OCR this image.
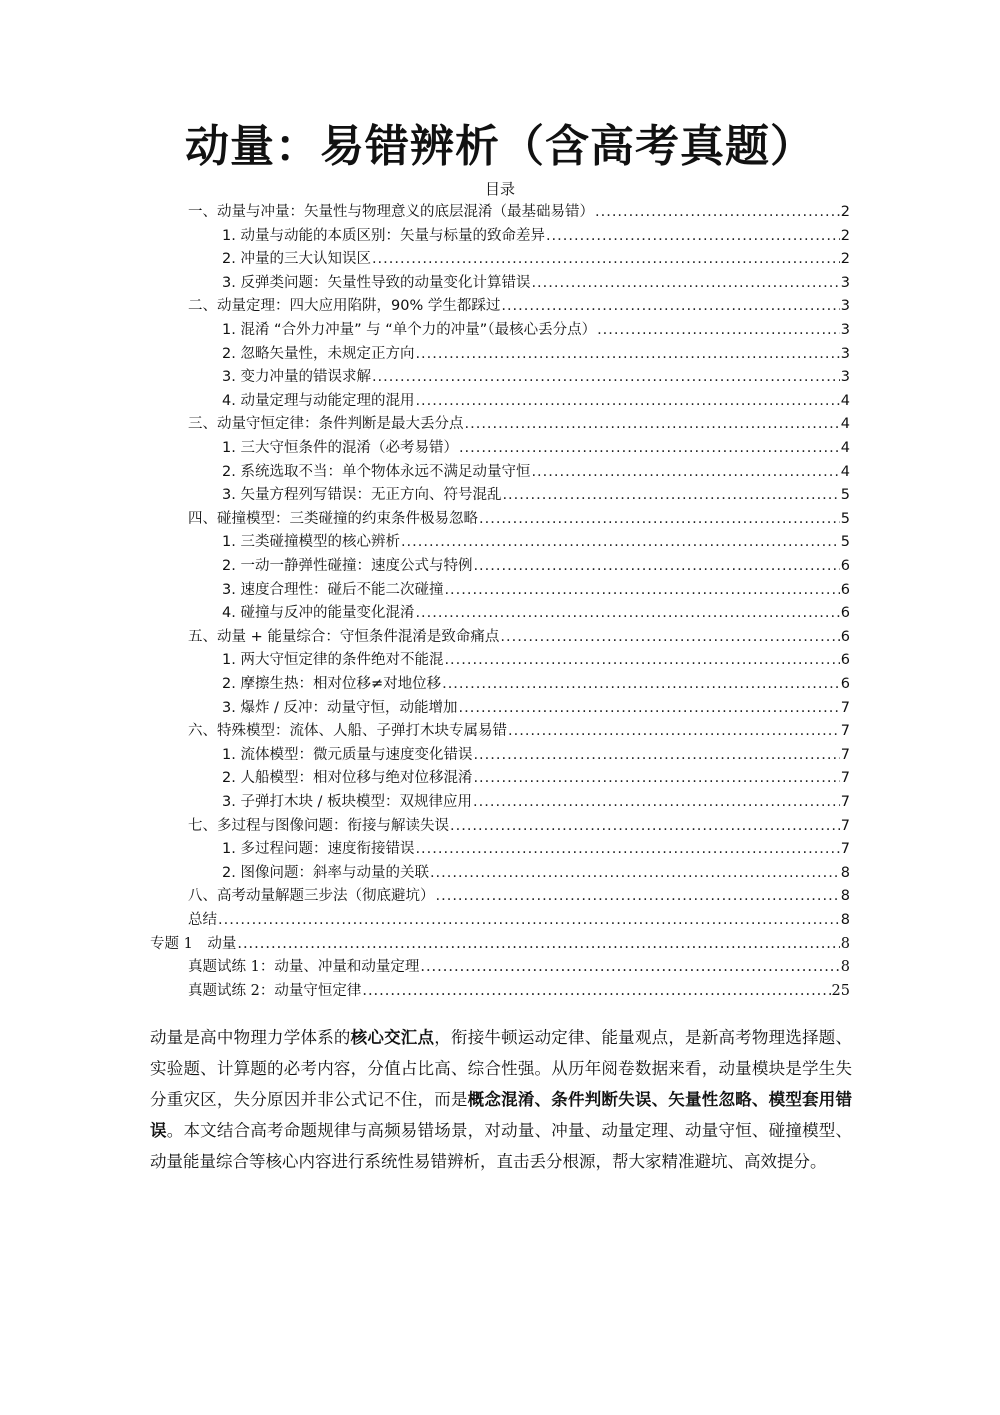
动量：易错辨析（含高考真题）
目录
一、动量与冲量：矢量性与物理意义的底层混淆（最基础易错） .....	2
1. 动量与动能的本质区别：矢量与标量的致命差异 .....	2
2. 冲量的三大认知误区 .....	2
3. 反弹类问题：矢量性导致的动量变化计算错误 .....	3
二、动量定理：四大应用陷阱，90% 学生都踩过 .....	3
1. 混淆 “合外力冲量” 与 “单个力的冲量”（最核心丢分点） .....	3
2. 忽略矢量性，未规定正方向 .....	3
3. 变力冲量的错误求解 .....	3
4. 动量定理与动能定理的混用 .....	4
三、动量守恒定律：条件判断是最大丢分点 .....	4
1. 三大守恒条件的混淆（必考易错） .....	4
2. 系统选取不当：单个物体永远不满足动量守恒 .....	4
3. 矢量方程列写错误：无正方向、符号混乱 .....	5
四、碰撞模型：三类碰撞的约束条件极易忽略 .....	5
1. 三类碰撞模型的核心辨析 .....	5
2. 一动一静弹性碰撞：速度公式与特例 .....	6
3. 速度合理性：碰后不能二次碰撞 .....	6
4. 碰撞与反冲的能量变化混淆 .....	6
五、动量 + 能量综合：守恒条件混淆是致命痛点 .....	6
1. 两大守恒定律的条件绝对不能混 .....	6
2. 摩擦生热：相对位移≠对地位移 .....	6
3. 爆炸 / 反冲：动量守恒，动能增加 .....	7
六、特殊模型：流体、人船、子弹打木块专属易错 .....	7
1. 流体模型：微元质量与速度变化错误 .....	7
2. 人船模型：相对位移与绝对位移混淆 .....	7
3. 子弹打木块 / 板块模型：双规律应用 .....	7
七、多过程与图像问题：衔接与解读失误 .....	7
1. 多过程问题：速度衔接错误 .....	7
2. 图像问题：斜率与动量的关联 .....	8
八、高考动量解题三步法（彻底避坑） .....	8
总结 .....	8
专题 1　动量 .....	8
真题试练 1：动量、冲量和动量定理 .....	8
真题试练 2：动量守恒定律 .....	25
动量是高中物理力学体系的核心交汇点，衔接牛顿运动定律、能量观点，是新高考物理选择题、实验题、计算题的必考内容，分值占比高、综合性强。从历年阅卷数据来看，动量模块是学生失分重灾区，失分原因并非公式记不住，而是概念混淆、条件判断失误、矢量性忽略、模型套用错误。本文结合高考命题规律与高频易错场景，对动量、冲量、动量定理、动量守恒、碰撞模型、动量能量综合等核心内容进行系统性易错辨析，直击丢分根源，帮大家精准避坑、高效提分。
